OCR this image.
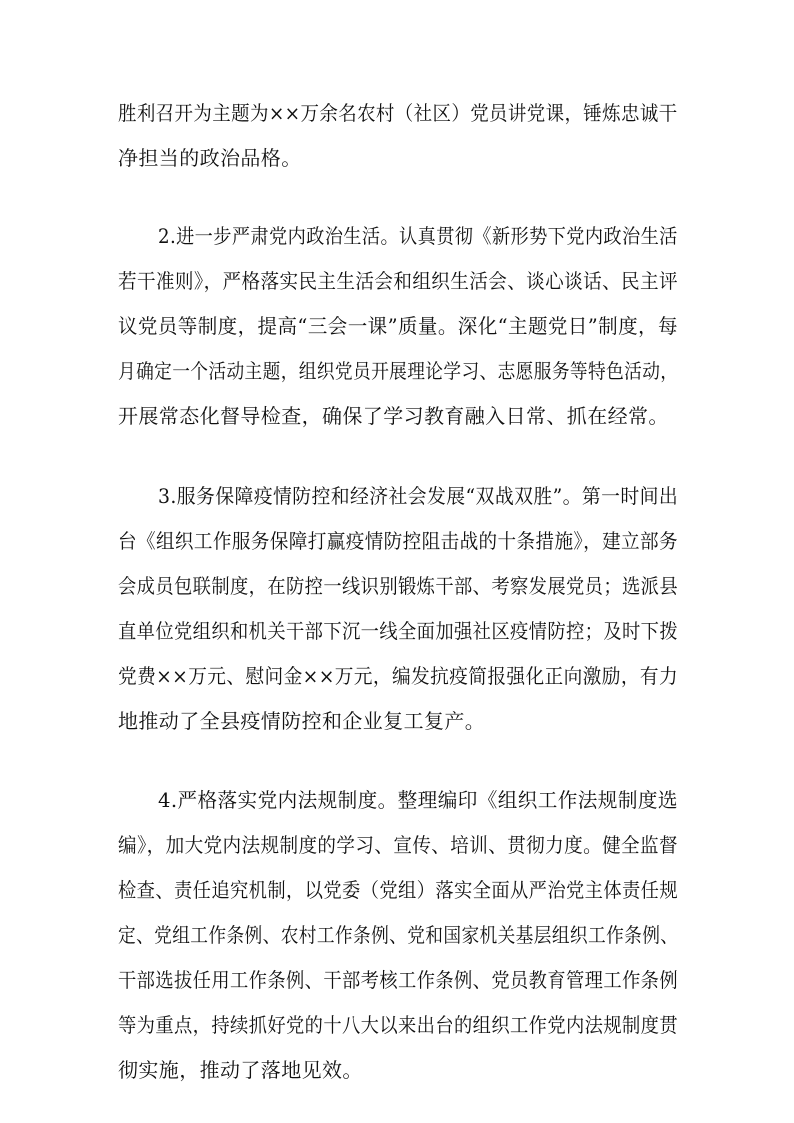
胜利召开为主题为××万余名农村（社区）党员讲党课，锤炼忠诚干
净担当的政治品格。
2.进一步严肃党内政治生活。认真贯彻《新形势下党内政治生活
若干准则》，严格落实民主生活会和组织生活会、谈心谈话、民主评
议党员等制度，提高“三会一课”质量。深化“主题党日”制度，每
月确定一个活动主题，组织党员开展理论学习、志愿服务等特色活动，
开展常态化督导检查，确保了学习教育融入日常、抓在经常。
3.服务保障疫情防控和经济社会发展“双战双胜”。第一时间出
台《组织工作服务保障打赢疫情防控阻击战的十条措施》，建立部务
会成员包联制度，在防控一线识别锻炼干部、考察发展党员；选派县
直单位党组织和机关干部下沉一线全面加强社区疫情防控；及时下拨
党费××万元、慰问金××万元，编发抗疫简报强化正向激励，有力
地推动了全县疫情防控和企业复工复产。
4.严格落实党内法规制度。整理编印《组织工作法规制度选
编》，加大党内法规制度的学习、宣传、培训、贯彻力度。健全监督
检查、责任追究机制，以党委（党组）落实全面从严治党主体责任规
定、党组工作条例、农村工作条例、党和国家机关基层组织工作条例、
干部选拔任用工作条例、干部考核工作条例、党员教育管理工作条例
等为重点，持续抓好党的十八大以来出台的组织工作党内法规制度贯
彻实施，推动了落地见效。
